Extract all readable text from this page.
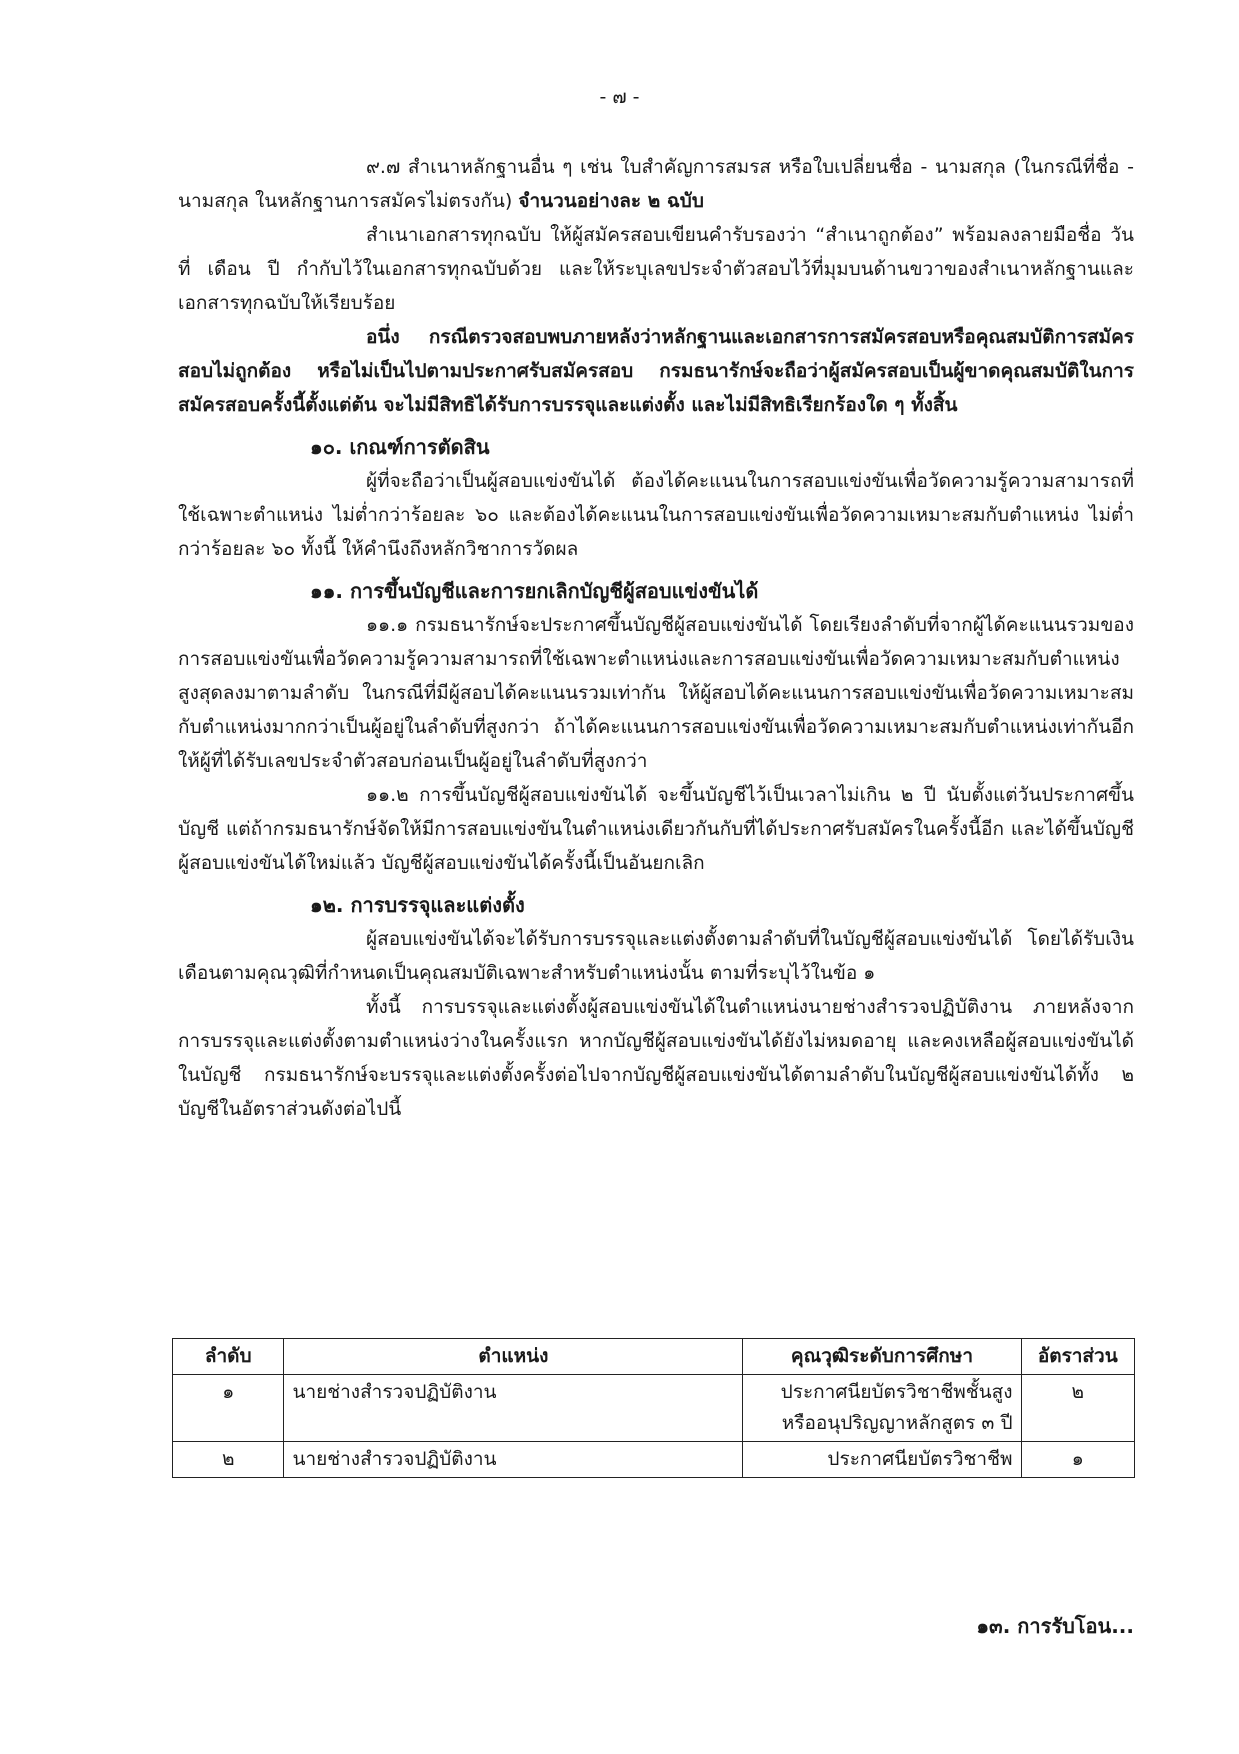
- ๗ -

๙.๗ สำเนาหลักฐานอื่น ๆ เช่น ใบสำคัญการสมรส หรือใบเปลี่ยนชื่อ - นามสกุล (ในกรณีที่ชื่อ - นามสกุล ในหลักฐานการสมัครไม่ตรงกัน) จำนวนอย่างละ ๒ ฉบับ

สำเนาเอกสารทุกฉบับ ให้ผู้สมัครสอบเขียนคำรับรองว่า “สำเนาถูกต้อง” พร้อมลงลายมือชื่อ วันที่ เดือน ปี กำกับไว้ในเอกสารทุกฉบับด้วย และให้ระบุเลขประจำตัวสอบไว้ที่มุมบนด้านขวาของสำเนาหลักฐานและเอกสารทุกฉบับให้เรียบร้อย

อนึ่ง กรณีตรวจสอบพบภายหลังว่าหลักฐานและเอกสารการสมัครสอบหรือคุณสมบัติการสมัครสอบไม่ถูกต้อง หรือไม่เป็นไปตามประกาศรับสมัครสอบ กรมธนารักษ์จะถือว่าผู้สมัครสอบเป็นผู้ขาดคุณสมบัติในการสมัครสอบครั้งนี้ตั้งแต่ต้น จะไม่มีสิทธิได้รับการบรรจุและแต่งตั้ง และไม่มีสิทธิเรียกร้องใด ๆ ทั้งสิ้น

๑๐. เกณฑ์การตัดสิน

ผู้ที่จะถือว่าเป็นผู้สอบแข่งขันได้ ต้องได้คะแนนในการสอบแข่งขันเพื่อวัดความรู้ความสามารถที่ใช้เฉพาะตำแหน่ง ไม่ต่ำกว่าร้อยละ ๖๐ และต้องได้คะแนนในการสอบแข่งขันเพื่อวัดความเหมาะสมกับตำแหน่ง ไม่ต่ำกว่าร้อยละ ๖๐ ทั้งนี้ ให้คำนึงถึงหลักวิชาการวัดผล

๑๑. การขึ้นบัญชีและการยกเลิกบัญชีผู้สอบแข่งขันได้

๑๑.๑ กรมธนารักษ์จะประกาศขึ้นบัญชีผู้สอบแข่งขันได้ โดยเรียงลำดับที่จากผู้ได้คะแนนรวมของการสอบแข่งขันเพื่อวัดความรู้ความสามารถที่ใช้เฉพาะตำแหน่งและการสอบแข่งขันเพื่อวัดความเหมาะสมกับตำแหน่งสูงสุดลงมาตามลำดับ ในกรณีที่มีผู้สอบได้คะแนนรวมเท่ากัน ให้ผู้สอบได้คะแนนการสอบแข่งขันเพื่อวัดความเหมาะสมกับตำแหน่งมากกว่าเป็นผู้อยู่ในลำดับที่สูงกว่า ถ้าได้คะแนนการสอบแข่งขันเพื่อวัดความเหมาะสมกับตำแหน่งเท่ากันอีก ให้ผู้ที่ได้รับเลขประจำตัวสอบก่อนเป็นผู้อยู่ในลำดับที่สูงกว่า

๑๑.๒ การขึ้นบัญชีผู้สอบแข่งขันได้ จะขึ้นบัญชีไว้เป็นเวลาไม่เกิน ๒ ปี นับตั้งแต่วันประกาศขึ้นบัญชี แต่ถ้ากรมธนารักษ์จัดให้มีการสอบแข่งขันในตำแหน่งเดียวกันกับที่ได้ประกาศรับสมัครในครั้งนี้อีก และได้ขึ้นบัญชีผู้สอบแข่งขันได้ใหม่แล้ว บัญชีผู้สอบแข่งขันได้ครั้งนี้เป็นอันยกเลิก

๑๒. การบรรจุและแต่งตั้ง

ผู้สอบแข่งขันได้จะได้รับการบรรจุและแต่งตั้งตามลำดับที่ในบัญชีผู้สอบแข่งขันได้ โดยได้รับเงินเดือนตามคุณวุฒิที่กำหนดเป็นคุณสมบัติเฉพาะสำหรับตำแหน่งนั้น ตามที่ระบุไว้ในข้อ ๑

ทั้งนี้ การบรรจุและแต่งตั้งผู้สอบแข่งขันได้ในตำแหน่งนายช่างสำรวจปฏิบัติงาน ภายหลังจากการบรรจุและแต่งตั้งตามตำแหน่งว่างในครั้งแรก หากบัญชีผู้สอบแข่งขันได้ยังไม่หมดอายุ และคงเหลือผู้สอบแข่งขันได้ในบัญชี กรมธนารักษ์จะบรรจุและแต่งตั้งครั้งต่อไปจากบัญชีผู้สอบแข่งขันได้ตามลำดับในบัญชีผู้สอบแข่งขันได้ทั้ง ๒ บัญชีในอัตราส่วนดังต่อไปนี้

ลำดับ	ตำแหน่ง	คุณวุฒิระดับการศึกษา	อัตราส่วน
๑	นายช่างสำรวจปฏิบัติงาน	ประกาศนียบัตรวิชาชีพชั้นสูง
หรืออนุปริญญาหลักสูตร ๓ ปี	๒
๒	นายช่างสำรวจปฏิบัติงาน	ประกาศนียบัตรวิชาชีพ	๑
๑๓. การรับโอน...
